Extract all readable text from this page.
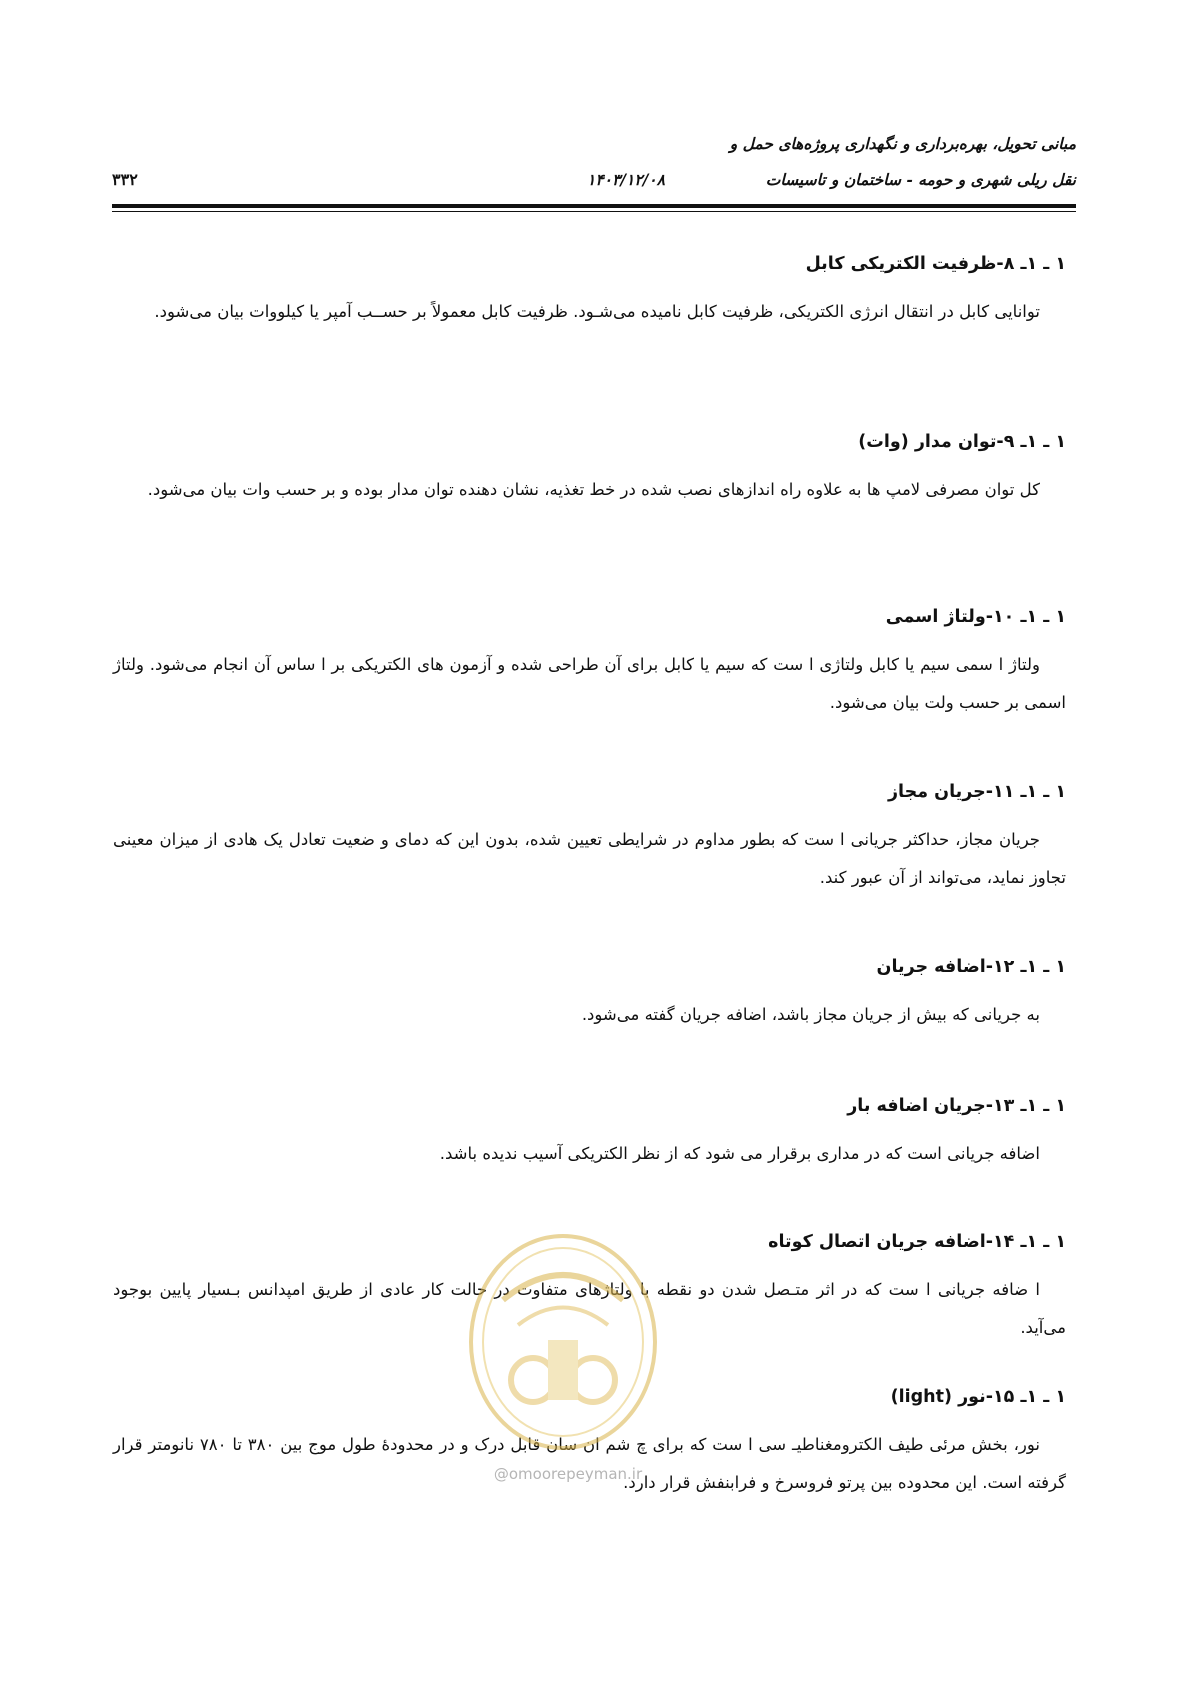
مبانی تحویل، بهره‌برداری و نگهداری پروژه‌های حمل و
نقل ریلی شهری و حومه - ساختمان و تاسیسات
۱۴۰۳/۱۲/۰۸
۳۳۲

۱ ـ ۱ـ ۸-ظرفیت الکتریکی کابل

توانایی کابل در انتقال انرژی الکتریکی، ظرفیت کابل نامیده می‌شـود. ظرفیت کابل معمولاً بر حســب آمپر یا کیلووات بیان می‌شود.

۱ ـ ۱ـ ۹-توان مدار (وات)

کل توان مصرفی لامپ ها به علاوه راه اندازهای نصب شده در خط تغذیه، نشان دهنده توان مدار بوده و بر حسب وات بیان می‌شود.

۱ ـ ۱ـ ۱۰-ولتاژ اسمی

ولتاژ ا سمی سیم یا کابل ولتاژی ا ست که سیم یا کابل برای آن طراحی شده و آزمون های الکتریکی بر ا ساس آن انجام می‌شود. ولتاژ اسمی بر حسب ولت بیان می‌شود.

۱ ـ ۱ـ ۱۱-جریان مجاز

جریان مجاز، حداکثر جریانی ا ست که بطور مداوم در شرایطی تعیین شده، بدون این که دمای و ضعیت تعادل یک هادی از میزان معینی تجاوز نماید، می‌تواند از آن عبور کند.

۱ ـ ۱ـ ۱۲-اضافه جریان

به جریانی که بیش از جریان مجاز باشد، اضافه جریان گفته می‌شود.

۱ ـ ۱ـ ۱۳-جریان اضافه بار

اضافه جریانی است که در مداری برقرار می شود که از نظر الکتریکی آسیب ندیده باشد.

۱ ـ ۱ـ ۱۴-اضافه جریان اتصال کوتاه

ا ضافه جریانی ا ست که در اثر متـصل شدن دو نقطه با ولتاژهای متفاوت در حالت کار عادی از طریق امپدانس بـسیار پایین بوجود می‌آید.

۱ ـ ۱ـ ۱۵-نور (light)

نور، بخش مرئی طیف الکترومغناطیـ سی ا ست که برای چ شم ان سان قابل درک و در محدودۀ طول موج بین ۳۸۰ تا ۷۸۰ نانومتر قرار گرفته است. این محدوده بین پرتو فروسرخ و فرابنفش قرار دارد.

@omoorepeyman.ir
